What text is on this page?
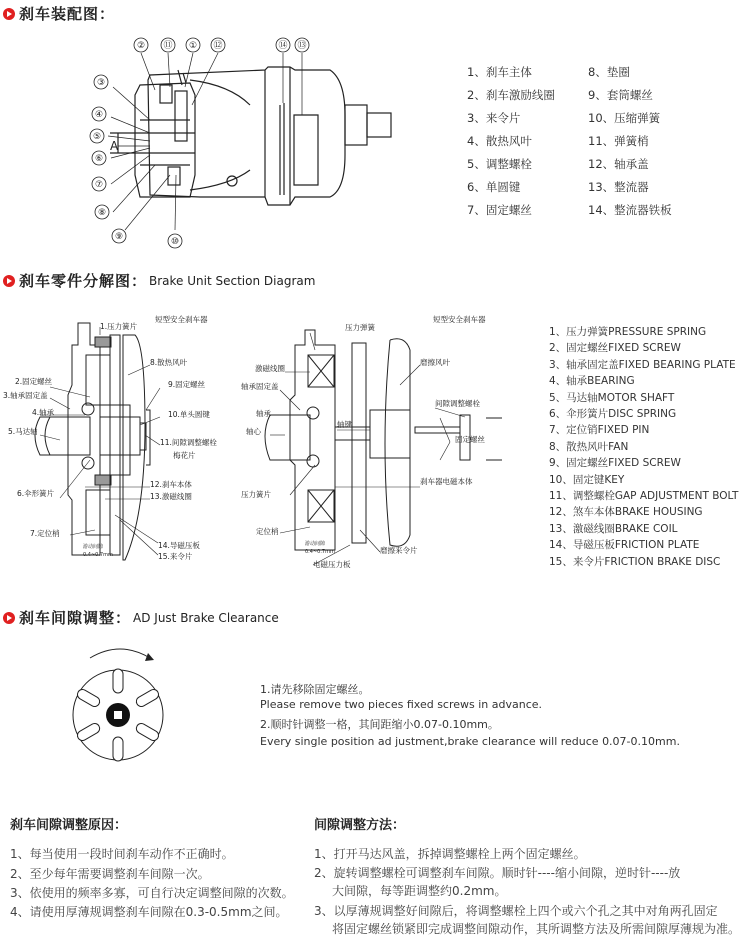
刹车装配图：
② ⑪ ① ⑫	⑭ ⑬
③
④
⑤
⑥
⑦
⑧
⑨	⑩
A
1、刹车主体
2、刹车激励线圈
3、来令片
4、散热风叶
5、调整螺栓
6、单圆键
7、固定螺丝
8、垫圈
9、套筒螺丝
10、压缩弹簧
11、弹簧梢
12、轴承盖
13、整流器
14、整流器铁板
刹车零件分解图： Brake Unit Section Diagram
短型安全刹车器
1.压力簧片
8.散热风叶
2.固定螺丝
3.轴承固定盖
9.固定螺丝
4.轴承	10.单头圆键
5.马达轴
11.间隙调整螺栓
梅花片
12.刹车本体
6.伞形簧片	13.激磁线圈
7.定位梢
14.导磁压板
15.来令片
游动间隙
0.4~0.7mm
短型安全刹车器
压力弹簧
激磁线圈
磨擦风叶
轴承固定盖
间隙调整螺栓
轴承
轴键
轴心
固定螺丝
刹车器电磁本体
压力簧片
定位梢
磨擦来令片
电磁压力板
游动间隙
0.4~0.7mm
1、压力弹簧PRESSURE SPRING
2、固定螺丝FIXED SCREW
3、轴承固定盖FIXED BEARING PLATE
4、轴承BEARING
5、马达轴MOTOR SHAFT
6、伞形簧片DISC SPRING
7、定位销FIXED PIN
8、散热风叶FAN
9、固定螺丝FIXED SCREW
10、固定键KEY
11、调整螺栓GAP ADJUSTMENT BOLT
12、煞车本体BRAKE HOUSING
13、激磁线圈BRAKE COIL
14、导磁压板FRICTION PLATE
15、来令片FRICTION BRAKE DISC
刹车间隙调整： AD Just Brake Clearance
1.请先移除固定螺丝。
Please remove two pieces fixed screws in advance.
2.顺时针调整一格，其间距缩小0.07-0.10mm。
Every single position ad justment,brake clearance will reduce 0.07-0.10mm.
刹车间隙调整原因：
1、每当使用一段时间刹车动作不正确时。
2、至少每年需要调整刹车间隙一次。
3、依使用的频率多寡，可自行决定调整间隙的次数。
4、请使用厚薄规调整刹车间隙在0.3-0.5mm之间。
间隙调整方法：
1、打开马达风盖，拆掉调整螺栓上两个固定螺丝。
2、旋转调整螺栓可调整刹车间隙。顺时针----缩小间隙，逆时针----放
大间隙，每等距调整约0.2mm。
3、以厚薄规调整好间隙后，将调整螺栓上四个或六个孔之其中对角两孔固定
将固定螺丝锁紧即完成调整间隙动作，其所调整方法及所需间隙厚薄规为准。
